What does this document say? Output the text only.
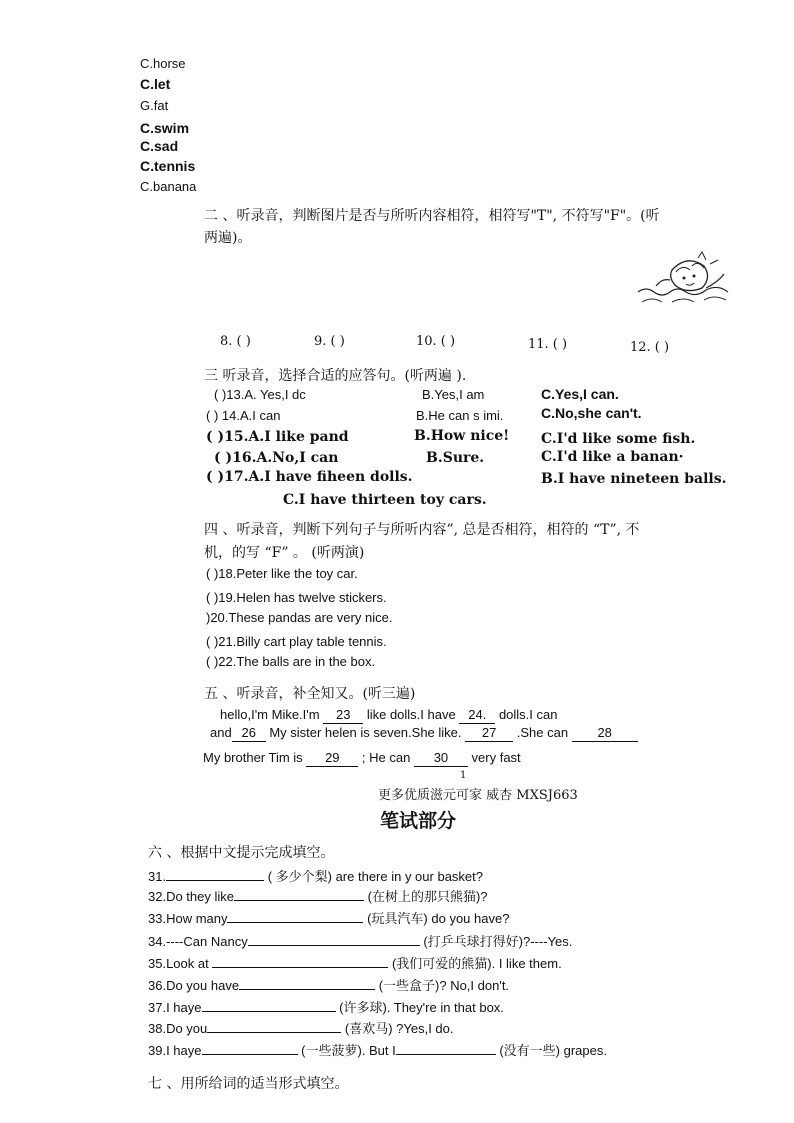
C.horse
C.let
G.fat
C.swim
C.sad
C.tennis
C.banana
二 、听录音，判断图片是否与所听内容相符，相符写"T", 不符写"F"。(听
两遍)。
8. ( )	9. ( )	10. ( )	11. ( )	12. ( )
三 听录音，选择合适的应答句。(听两遍 ).
( )13.A. Yes,I dc	B.Yes,I am	C.Yes,I can.
( ) 14.A.I can	B.He can s imi.	C.No,she can't.
( )15.A.I like pand	B.How nice! C.I'd like some fish.
( )16.A.No,I can	B.Sure.	C.I'd like a banan·
( )17.A.I have fiheen dolls.	B.I have nineteen balls.
C.I have thirteen toy cars.
四 、听录音，判断下列句子与所听内容”, 总是否相符，相符的 “T”, 不
机，的写 “F” 。 (听两演)
( )18.Peter like the toy car.
( )19.Helen has twelve stickers.
)20.These pandas are very nice.
( )21.Billy cart play table tennis.
( )22.The balls are in the box.
五 、听录音，补全知又。(听三遍)
hello,I'm Mike.I'm 23 like dolls.I have 24. dolls.I can
and 26 My sister helen is seven.She like. 27 .She can 28
My brother Tim is 29 ; He can 30 very fast
1
更多优质滋元可家 威杏 MXSJ663
笔试部分
六 、根据中文提示完成填空。
31.	( 多少个梨) are there in y our basket?
32.Do they like	(在树上的那只熊猫)?
33.How many	(玩具汽车) do you have?
34.----Can Nancy	(打乒乓球打得好)?----Yes.
35.Look at	(我们可爱的熊猫). I like them.
36.Do you have	(一些盒子)? No,I don't.
37.I haye	(许多球). They're in that box.
38.Do you	(喜欢马) ?Yes,I do.
39.I haye	(一些菠萝). But I	(没有一些) grapes.
七 、用所给词的适当形式填空。
